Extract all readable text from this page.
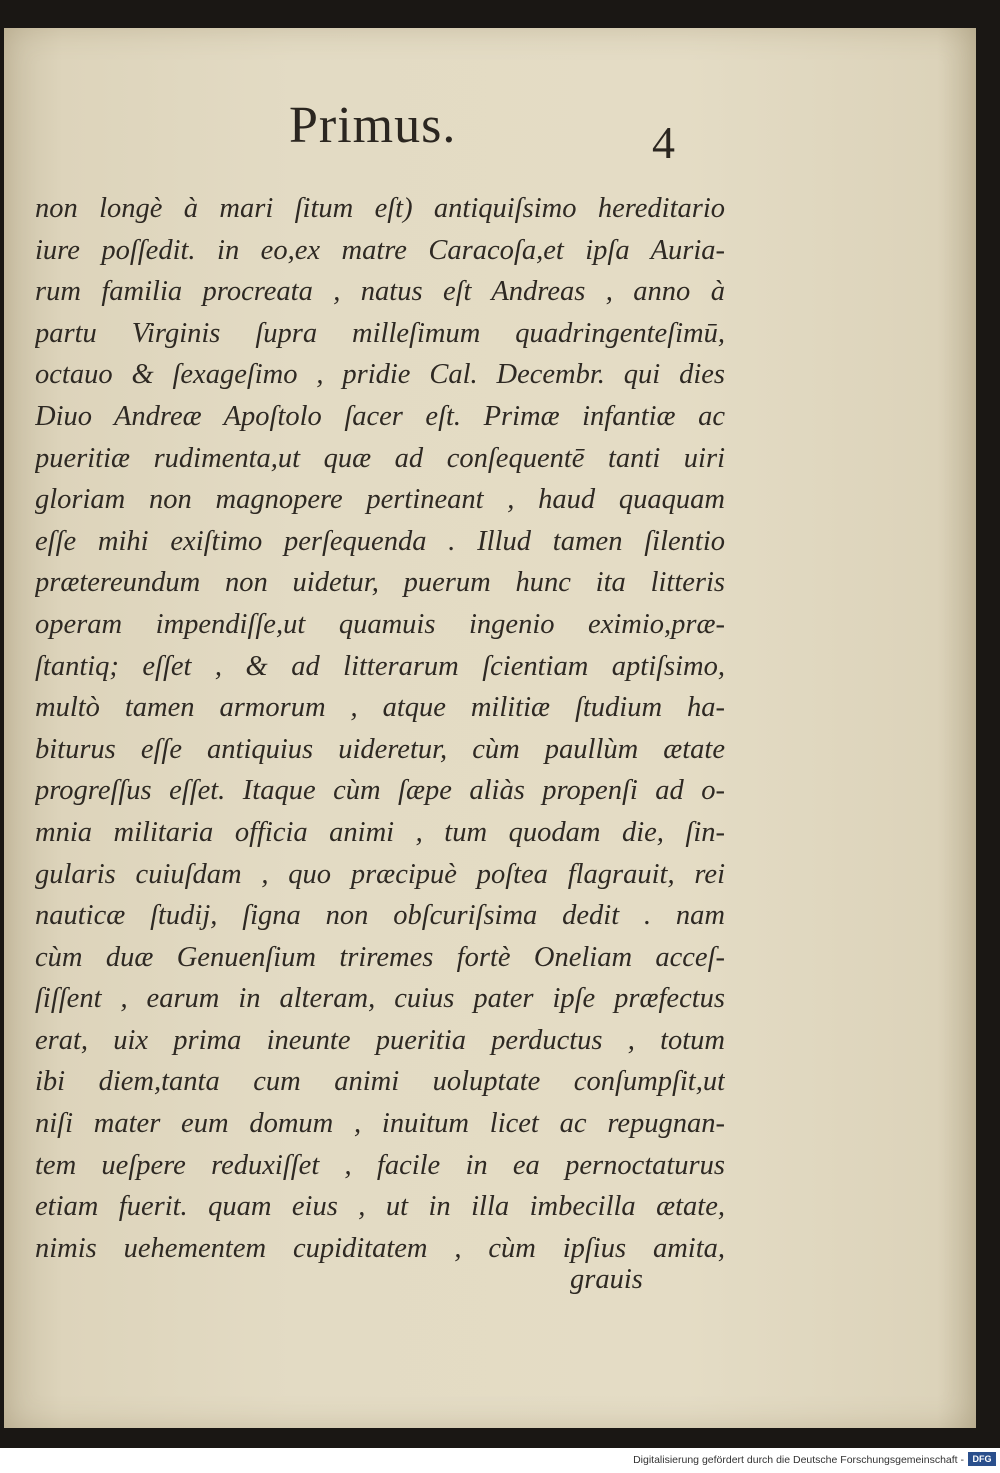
Primus.	4
non longè à mari ſitum eſt) antiquiſsimo hereditario
iure poſſedit. in eo,ex matre Caracoſa,et ipſa Auria-
rum familia procreata , natus eſt Andreas , anno à
partu Virginis ſupra milleſimum quadringenteſimū,
octauo & ſexageſimo , pridie Cal. Decembr. qui dies
Diuo Andreæ Apoſtolo ſacer eſt. Primæ infantiæ ac
pueritiæ rudimenta,ut quæ ad conſequentē tanti uiri
gloriam non magnopere pertineant , haud quaquam
eſſe mihi exiſtimo perſequenda . Illud tamen ſilentio
prætereundum non uidetur, puerum hunc ita litteris
operam impendiſſe,ut quamuis ingenio eximio,præ-
ſtantiq; eſſet , & ad litterarum ſcientiam aptiſsimo,
multò tamen armorum , atque militiæ ſtudium ha-
biturus eſſe antiquius uideretur, cùm paullùm ætate
progreſſus eſſet. Itaque cùm ſæpe aliàs propenſi ad o-
mnia militaria officia animi , tum quodam die, ſin-
gularis cuiuſdam , quo præcipuè poſtea flagrauit, rei
nauticæ ſtudij, ſigna non obſcuriſsima dedit . nam
cùm duæ Genuenſium triremes fortè Oneliam acceſ-
ſiſſent , earum in alteram, cuius pater ipſe præfectus
erat, uix prima ineunte pueritia perductus , totum
ibi diem,tanta cum animi uoluptate conſumpſit,ut
niſi mater eum domum , inuitum licet ac repugnan-
tem ueſpere reduxiſſet , facile in ea pernoctaturus
etiam fuerit. quam eius , ut in illa imbecilla ætate,
nimis uehementem cupiditatem , cùm ipſius amita,
grauis
Digitalisierung gefördert durch die Deutsche Forschungsgemeinschaft - DFG
